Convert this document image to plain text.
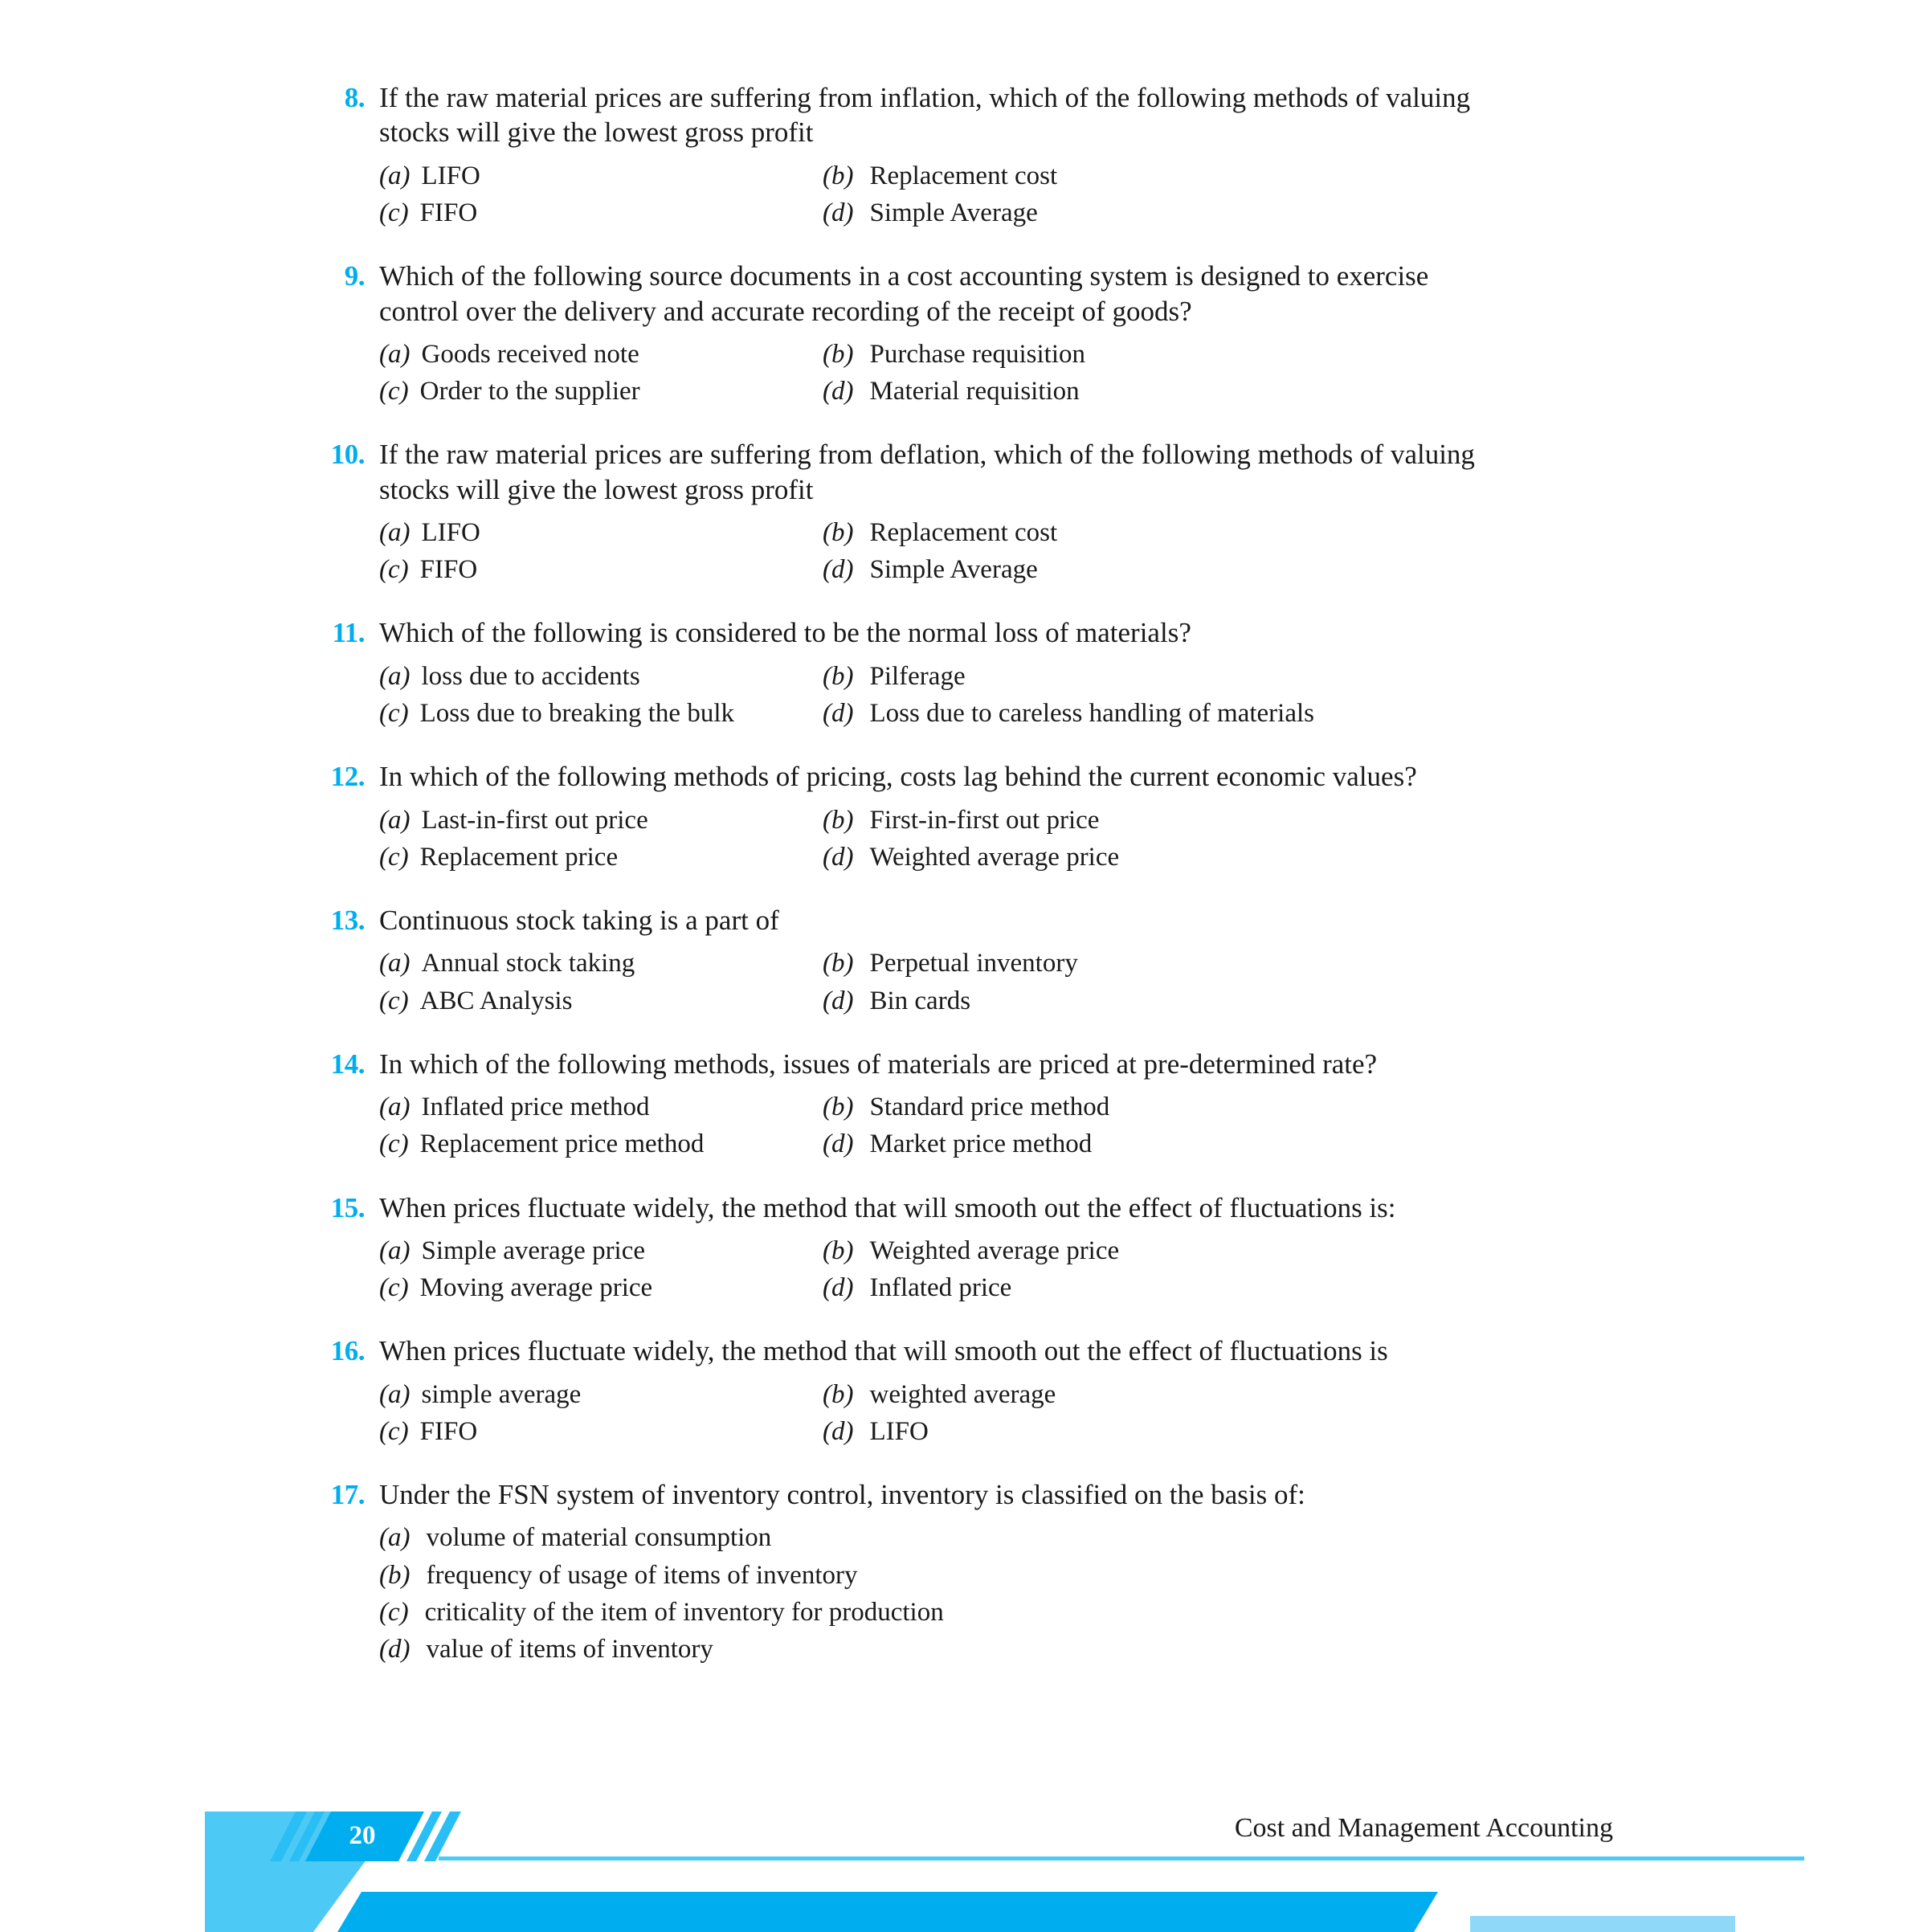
8. If the raw material prices are suffering from inflation, which of the following methods of valuing
stocks will give the lowest gross profit
(a) LIFO	(b) Replacement cost
(c) FIFO	(d) Simple Average
9. Which of the following source documents in a cost accounting system is designed to exercise
control over the delivery and accurate recording of the receipt of goods?
(a) Goods received note	(b) Purchase requisition
(c) Order to the supplier	(d) Material requisition
10. If the raw material prices are suffering from deflation, which of the following methods of valuing
stocks will give the lowest gross profit
(a) LIFO	(b) Replacement cost
(c) FIFO	(d) Simple Average
11. Which of the following is considered to be the normal loss of materials?
(a) loss due to accidents	(b) Pilferage
(c) Loss due to breaking the bulk	(d) Loss due to careless handling of materials
12. In which of the following methods of pricing, costs lag behind the current economic values?
(a) Last-in-first out price	(b) First-in-first out price
(c) Replacement price	(d) Weighted average price
13. Continuous stock taking is a part of
(a) Annual stock taking	(b) Perpetual inventory
(c) ABC Analysis	(d) Bin cards
14. In which of the following methods, issues of materials are priced at pre-determined rate?
(a) Inflated price method	(b) Standard price method
(c) Replacement price method	(d) Market price method
15. When prices fluctuate widely, the method that will smooth out the effect of fluctuations is:
(a) Simple average price	(b) Weighted average price
(c) Moving average price	(d) Inflated price
16. When prices fluctuate widely, the method that will smooth out the effect of fluctuations is
(a) simple average	(b) weighted average
(c) FIFO	(d) LIFO
17. Under the FSN system of inventory control, inventory is classified on the basis of:
(a) volume of material consumption
(b) frequency of usage of items of inventory
(c) criticality of the item of inventory for production
(d) value of items of inventory
20	Cost and Management Accounting
